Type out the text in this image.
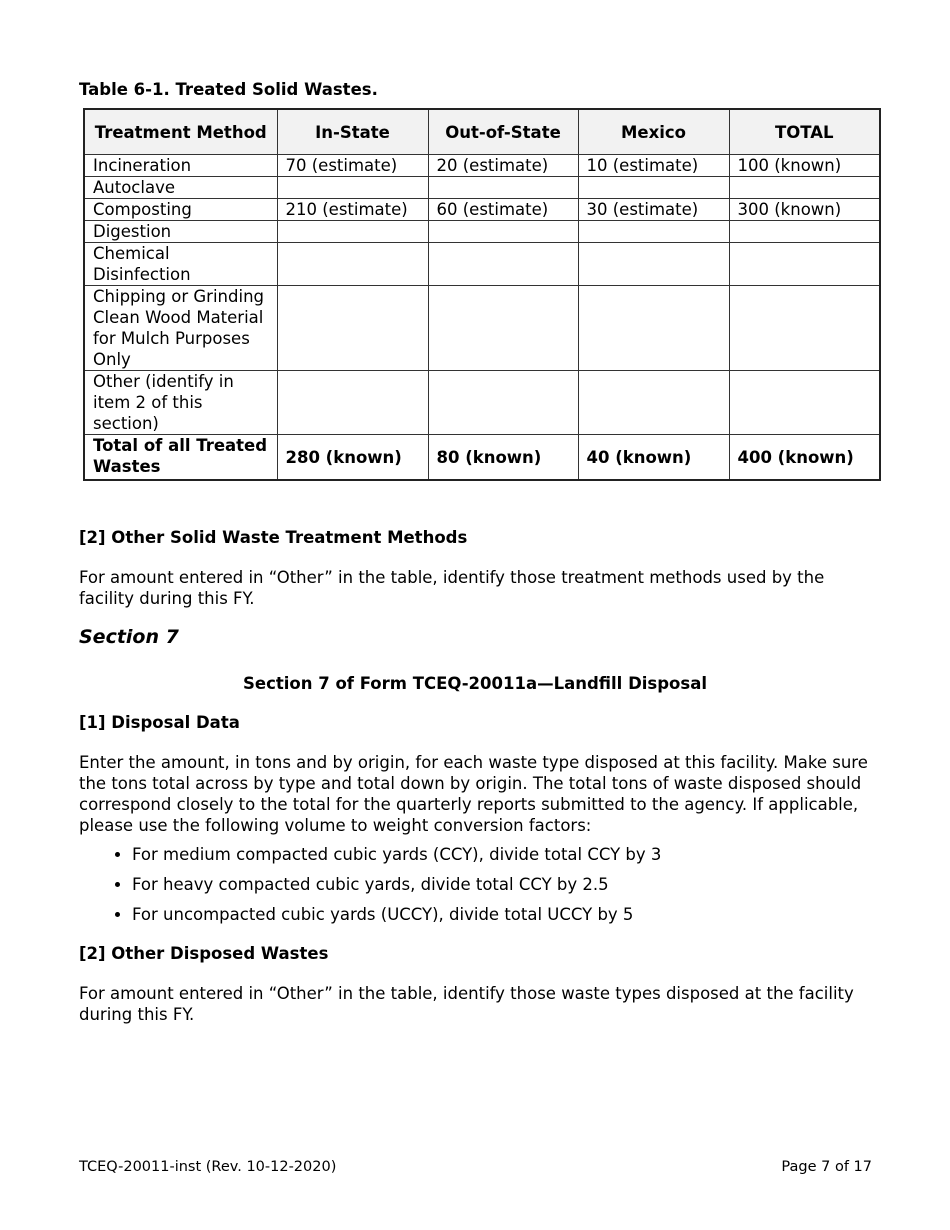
Table 6-1. Treated Solid Wastes.

Treatment Method	In-State	Out-of-State	Mexico	TOTAL
Incineration	70 (estimate)	20 (estimate)	10 (estimate)	100 (known)
Autoclave				
Composting	210 (estimate)	60 (estimate)	30 (estimate)	300 (known)
Digestion				
Chemical Disinfection				
Chipping or Grinding Clean Wood Material for Mulch Purposes Only				
Other (identify in item 2 of this section)				
Total of all Treated Wastes	280 (known)	80 (known)	40 (known)	400 (known)
[2] Other Solid Waste Treatment Methods

For amount entered in “Other” in the table, identify those treatment methods used by the facility during this FY.

Section 7
Section 7 of Form TCEQ-20011a—Landfill Disposal
[1] Disposal Data

Enter the amount, in tons and by origin, for each waste type disposed at this facility. Make sure the tons total across by type and total down by origin. The total tons of waste disposed should correspond closely to the total for the quarterly reports submitted to the agency. If applicable, please use the following volume to weight conversion factors:

• For medium compacted cubic yards (CCY), divide total CCY by 3
• For heavy compacted cubic yards, divide total CCY by 2.5
• For uncompacted cubic yards (UCCY), divide total UCCY by 5
[2] Other Disposed Wastes

For amount entered in “Other” in the table, identify those waste types disposed at the facility during this FY.

TCEQ-20011-inst (Rev. 10-12-2020)	Page 7 of 17
